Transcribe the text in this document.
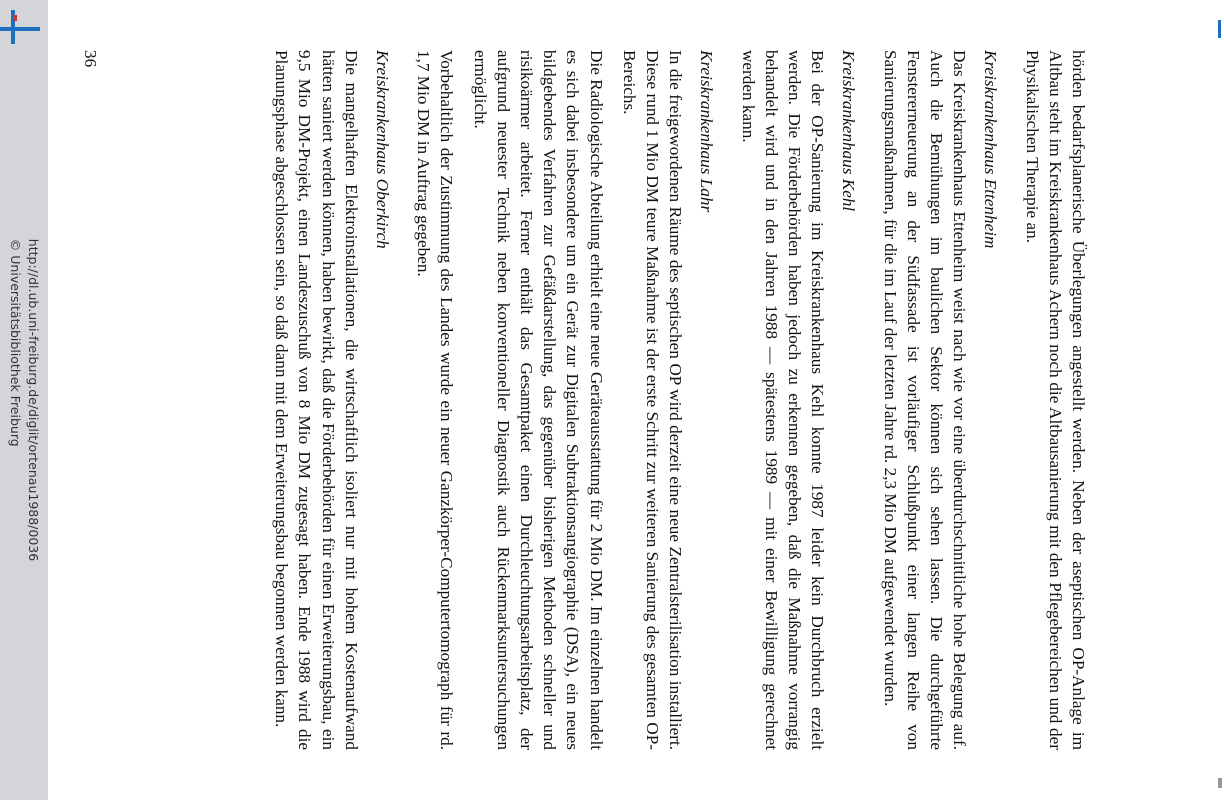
http://dl.ub.uni-freiburg.de/diglit/ortenau1988/0036
© Universitätsbibliothek Freiburg	hörden bedarfsplanerische Überlegungen angestellt werden. Neben der aseptischen OP-Anlage im Altbau steht im Kreiskrankenhaus Achern noch die Altbausanierung mit den Pflegebereichen und der Physikalischen Therapie an.

Kreiskrankenhaus Ettenheim

Das Kreiskrankenhaus Ettenheim weist nach wie vor eine überdurchschnittliche hohe Belegung auf. Auch die Bemühungen im baulichen Sektor können sich sehen lassen. Die durchgeführte Fenstererneuerung an der Südfassade ist vorläufiger Schlußpunkt einer langen Reihe von Sanierungsmaßnahmen, für die im Lauf der letzten Jahre rd. 2,3 Mio DM aufgewendet wurden.

Kreiskrankenhaus Kehl

Bei der OP-Sanierung im Kreiskrankenhaus Kehl konnte 1987 leider kein Durchbruch erzielt werden. Die Förderbehörden haben jedoch zu erkennen gegeben, daß die Maßnahme vorrangig behandelt wird und in den Jahren 1988 — spätestens 1989 — mit einer Bewilligung gerechnet werden kann.

Kreiskrankenhaus Lahr

In die freigewordenen Räume des septischen OP wird derzeit eine neue Zentralsterilisation installiert. Diese rund 1 Mio DM teure Maßnahme ist der erste Schritt zur weiteren Sanierung des gesamten OP-Bereichs.

Die Radiologische Abteilung erhielt eine neue Geräteausstattung für 2 Mio DM. Im einzelnen handelt es sich dabei insbesondere um ein Gerät zur Digitalen Subtraktionsangiographie (DSA), ein neues bildgebendes Verfahren zur Gefäßdarstellung, das gegenüber bisherigen Methoden schneller und risikoärmer arbeitet. Ferner enthält das Gesamtpaket einen Durchleuchtungsarbeitsplatz, der aufgrund neuester Technik neben konventioneller Diagnostik auch Rückenmarksuntersuchungen ermöglicht.

Vorbehaltlich der Zustimmung des Landes wurde ein neuer Ganzkörper-Computertomograph für rd. 1,7 Mio DM in Auftrag gegeben.

Kreiskrankenhaus Oberkirch

Die mangelhaften Elektroinstallationen, die wirtschaftlich isoliert nur mit hohem Kostenaufwand hätten saniert werden können, haben bewirkt, daß die Förderbehörden für einen Erweiterungsbau, ein 9,5 Mio DM-Projekt, einen Landeszuschuß von 8 Mio DM zugesagt haben. Ende 1988 wird die Planungsphase abgeschlossen sein, so daß dann mit dem Erweiterungsbau begonnen werden kann.

36
